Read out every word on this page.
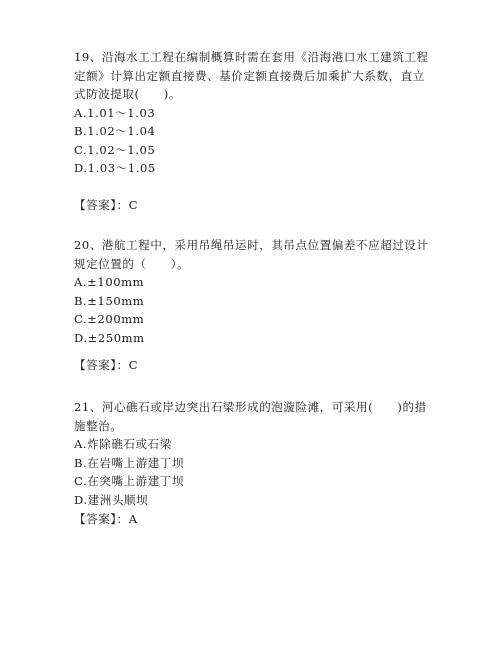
19、沿海水工工程在编制概算时需在套用《沿海港口水工建筑工程定额》计算出定额直接费、基价定额直接费后加乘扩大系数，直立式防波提取(　　)。

A.1.01～1.03

B.1.02～1.04

C.1.02～1.05

D.1.03～1.05

【答案】：C

20、港航工程中，采用吊绳吊运时，其吊点位置偏差不应超过设计规定位置的（　　）。

A.±100mm

B.±150mm

C.±200mm

D.±250mm

【答案】：C

21、河心礁石或岸边突出石梁形成的泡漩险滩，可采用(　　)的措施整治。

A.炸除礁石或石梁

B.在岩嘴上游建丁坝

C.在突嘴上游建丁坝

D.建洲头顺坝

【答案】：A
